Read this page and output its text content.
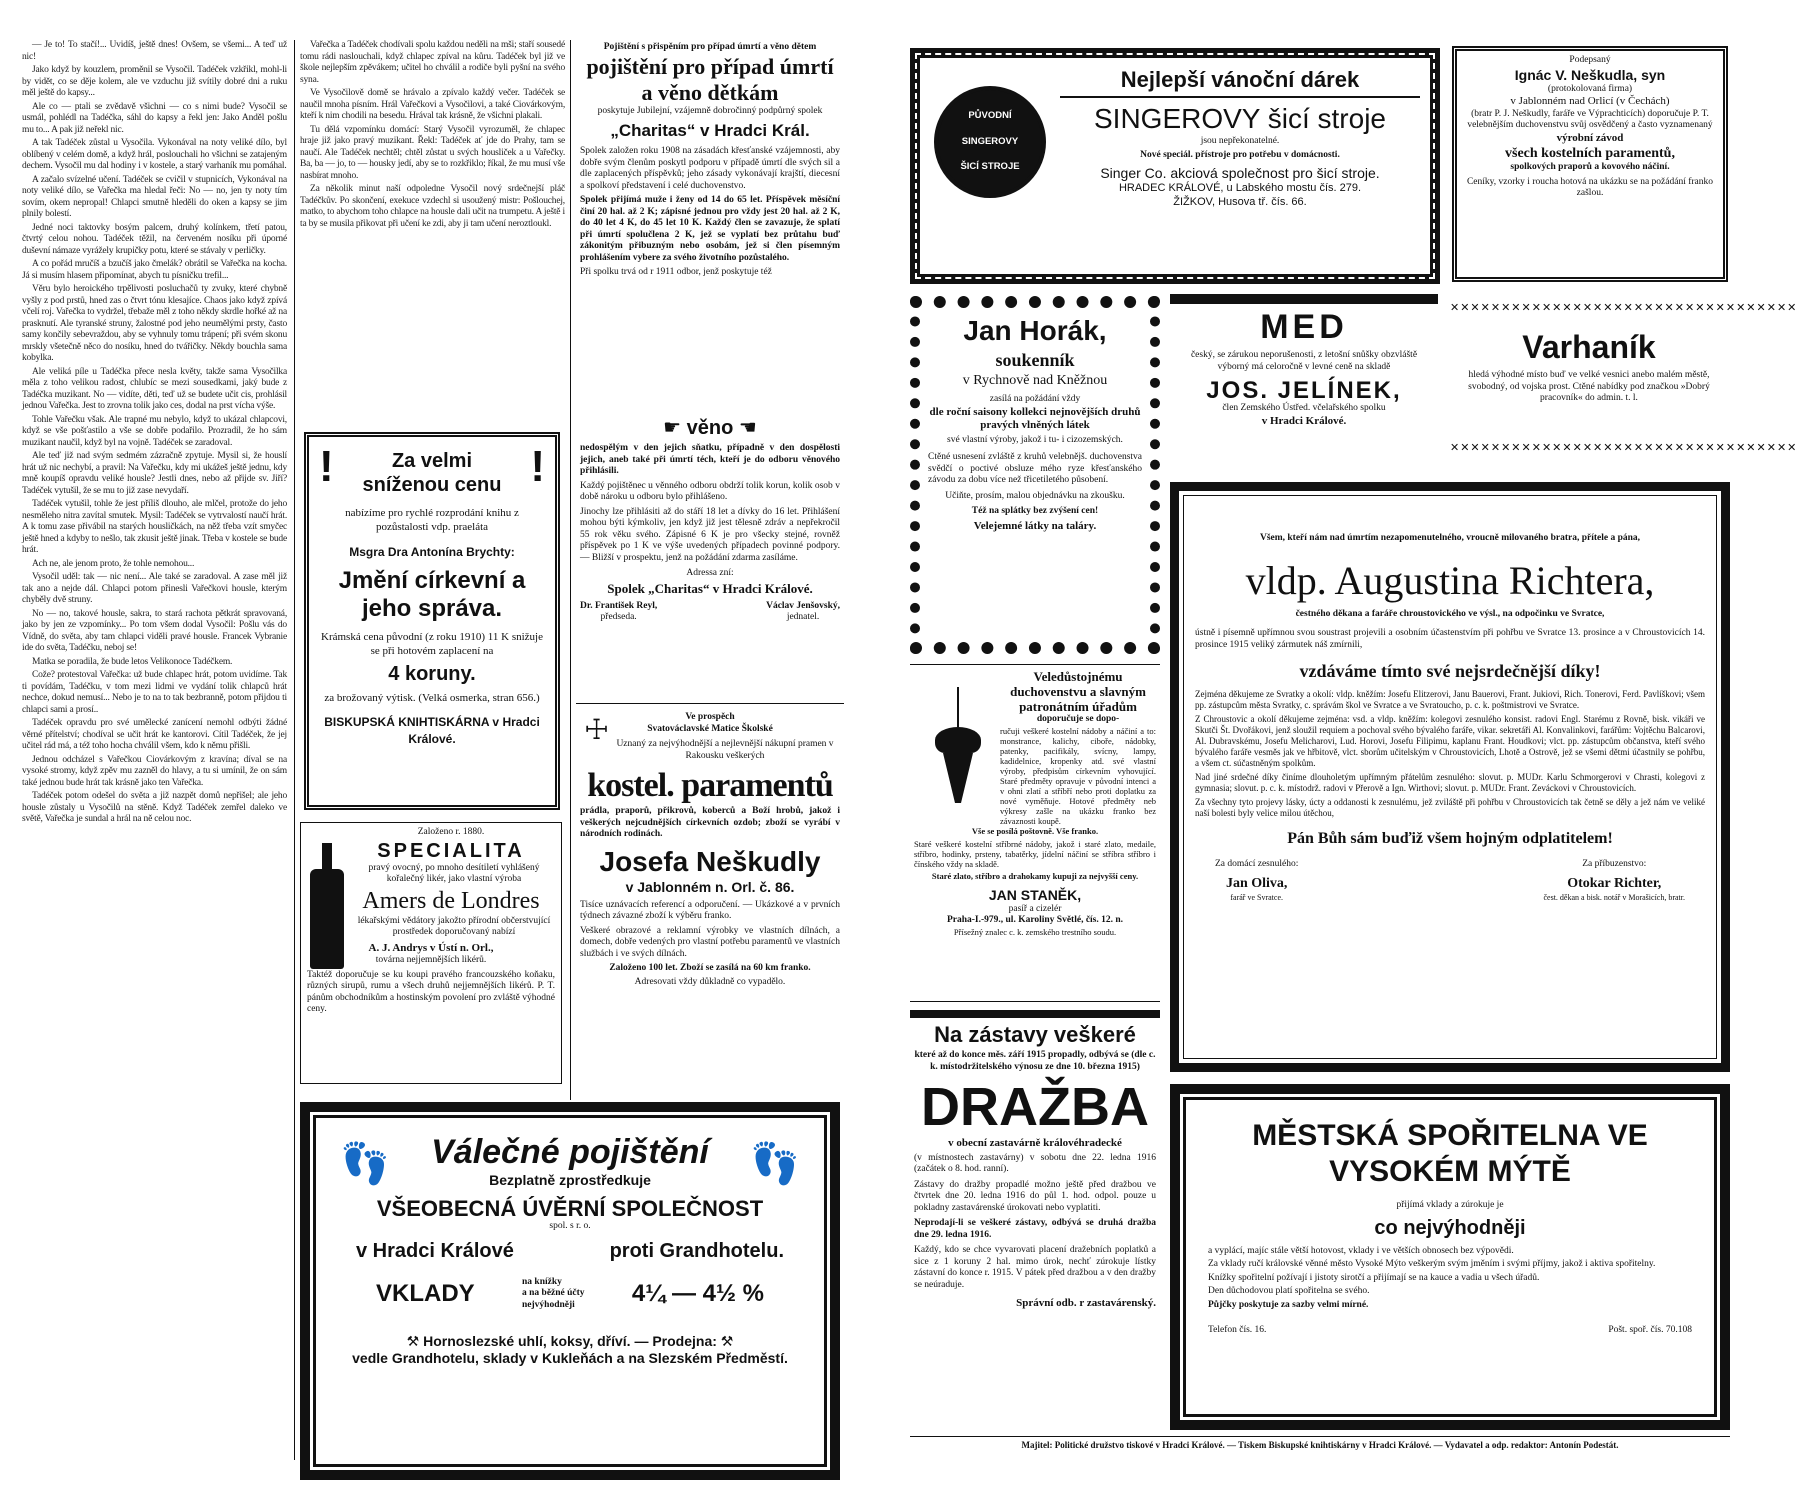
— Je to! To stačí!... Uvidíš, ještě dnes! Ovšem, se všemi... A teď už nic!

Jako když by kouzlem, proměnil se Vysočil. Tadéček vzkřikl, mohl-li by vidět, co se děje kolem, ale ve vzduchu již svítily dobré dni a ruku měl ještě do kapsy...

Ale co — ptali se zvědavě všichni — co s nimi bude? Vysočil se usmál, pohlédl na Tadéčka, sáhl do kapsy a řekl jen: Jako Anděl pošlu mu to... A pak již neřekl nic.

A tak Tadéček zůstal u Vysočila. Vykonával na noty veliké dílo, byl oblíbený v celém domě, a když hrál, poslouchali ho všichni se zatajeným dechem. Vysočil mu dal hodiny i v kostele, a starý varhaník mu pomáhal.

A začalo svízelné učení. Tadéček se cvičil v stupnicích, Vykonával na noty veliké dílo, se Vařečka ma hledal řeči: No — no, jen ty noty tím sovím, okem nepropal! Chlapci smutně hleděli do oken a kapsy se jim plnily bolestí.

Jedné noci taktovky bosým palcem, druhý kolínkem, třetí patou, čtvrtý celou nohou. Tadéček těžil, na červeném nosíku při úporné duševní námaze vyrážely krupičky potu, které se stávaly v perličky.

A co pořád mručíš a bzučíš jako čmelák? obrátil se Vařečka na kocha. Já si musím hlasem připomínat, abych tu písničku trefil...

Věru bylo heroického trpělivosti posluchačů ty zvuky, které chybně vyšly z pod prstů, hned zas o čtvrt tónu klesajíce. Chaos jako když zpívá včelí roj. Vařečka to vydržel, třebaže měl z toho někdy skrdle hořké až na prasknutí. Ale tyranské struny, žalostné pod jeho neumělými prsty, často samy končily sebevraždou, aby se vyhnuly tomu trápení; při svém skonu mrskly všetečně něco do nosíku, hned do tvářičky. Někdy bouchla sama kobylka.

Ale veliká píle u Tadéčka přece nesla květy, takže sama Vysočilka měla z toho velikou radost, chlubíc se mezi sousedkami, jaký bude z Tadéčka muzikant. No — vidíte, děti, teď už se budete učit cis, prohlásil jednou Vařečka. Jest to zrovna tolik jako ces, dodal na prst vícha výše.

Tohle Vařečku však. Ale trapné mu nebylo, když to ukázal chlapcovi, když se vše pošťastilo a vše se dobře podařilo. Prozradil, že ho sám muzikant naučil, když byl na vojně. Tadéček se zaradoval.

Ale teď již nad svým sedmém zázračně zpytuje. Mysil si, že houslí hrát už nic nechybí, a pravil: Na Vařečku, kdy mi ukážeš ještě jednu, kdy mně koupíš opravdu veliké housle? Jestli dnes, nebo až přijde sv. Jiří? Tadéček vytušil, že se mu to již zase nevydaří.

Tadéček vytušil, tohle že jest příliš dlouho, ale mlčel, protože do jeho nesměleho nitra zavítal smutek. Mysil: Tadéček se vytrvalostí naučí hrát. A k tomu zase přivábil na starých housličkách, na něž třeba vzít smyčec ještě hned a kdyby to nešlo, tak zkusit ještě jinak. Třeba v kostele se bude hrát.

Ach ne, ale jenom proto, že tohle nemohou...

Vysočil uděl: tak — nic není... Ale také se zaradoval. A zase měl již tak ano a nejde dál. Chlapci potom přinesli Vařečkovi housle, kterým chyběly dvě struny.

No — no, takové housle, sakra, to stará rachota pětkrát spravovaná, jako by jen ze vzpomínky... Po tom všem dodal Vysočil: Pošlu vás do Vídně, do světa, aby tam chlapci viděli pravé housle. Francek Vybranie ide do světa, Tadéčku, neboj se!

Matka se poradila, že bude letos Velikonoce Tadéčkem.

Cože? protestoval Vařečka: už bude chlapec hrát, potom uvidíme. Tak ti povídám, Tadéčku, v tom mezi lidmi ve vydání tolik chlapců hrát nechce, dokud nemusí... Nebo je to na to tak bezbranně, potom přijdou ti chlapci sami a prosí..

Tadéček opravdu pro své umělecké zanícení nemohl odbýti žádné věrné přítelství; chodíval se učit hrát ke kantorovi. Cítil Tadéček, že jej učitel rád má, a též toho hocha chválil všem, kdo k němu přišli.

Jednou odcházel s Vařečkou Ciovárkovým z kravína; díval se na vysoké stromy, když zpěv mu zazněl do hlavy, a tu si umínil, že on sám také jednou bude hrát tak krásně jako ten Vařečka.

Tadéček potom odešel do světa a již nazpět domů nepřišel; ale jeho housle zůstaly u Vysočilů na stěně. Když Tadéček zemřel daleko ve světě, Vařečka je sundal a hrál na ně celou noc.

Vařečka a Tadéček chodívali spolu každou neděli na mši; staří sousedé tomu rádi naslouchali, když chlapec zpíval na kůru. Tadéček byl již ve škole nejlepším zpěvákem; učitel ho chválil a rodiče byli pyšní na svého syna.

Ve Vysočilově domě se hrávalo a zpívalo každý večer. Tadéček se naučil mnoha písním. Hrál Vařečkovi a Vysočilovi, a také Ciovárkovým, kteří k nim chodili na besedu. Hrával tak krásně, že všichni plakali.

Tu dělá vzpomínku domácí: Starý Vysočil vyrozuměl, že chlapec hraje již jako pravý muzikant. Řekl: Tadéček ať jde do Prahy, tam se naučí. Ale Tadéček nechtěl; chtěl zůstat u svých housliček a u Vařečky. Ba, ba — jo, to — housky jedí, aby se to rozkřiklo; říkal, že mu musí vše nasbírat mnoho.

Za několik minut naší odpoledne Vysočil nový srdečnejší pláč Tadéčkův. Po skončení, exekuce vzdechl si usoužený mistr: Pošlouchej, matko, to abychom toho chlapce na housle dali učit na trumpetu. A ještě i ta by se musila přikovat při učení ke zdi, aby ji tam učení neroztloukl.

!	!
Za velmi sníženou cenu
nabízíme pro rychlé rozprodání knihu z pozůstalosti vdp. praeláta
Msgra Dra Antonína Brychty:
Jmění církevní a jeho správa.
Krámská cena původní (z roku 1910) 11 K snižuje se při hotovém zaplacení na
4 koruny.
za brožovaný výtisk. (Velká osmerka, stran 656.)
BISKUPSKÁ KNIHTISKÁRNA v Hradci Králové.
Založeno r. 1880.
SPECIALITA
pravý ovocný, po mnoho desítiletí vyhlášený kořalečný likér, jako vlastní výroba
Amers de Londres
lékařskými vědátory jakožto přírodní občerstvující prostředek doporučovaný nabízí
A. J. Andrys v Ústí n. Orl.,
továrna nejjemnějších likérů.
Taktéž doporučuje se ku koupi pravého francouzského koňaku, různých sirupů, rumu a všech druhů nejjemnějších likérů. P. T. pánům obchodníkům a hostinským povolení pro zvláště výhodné ceny.
Pojištění s přispěním pro případ úmrtí a věno dětem
pojištění pro případ úmrtí a věno dětkám
poskytuje Jubilejní, vzájemně dobročinný podpůrný spolek
„Charitas“ v Hradci Král.
Spolek založen roku 1908 na zásadách křesťanské vzájemnosti, aby dobře svým členům poskytl podporu v případě úmrtí dle svých sil a dle zaplacených příspěvků; jeho zásady vykonávají krajští, diecesní a spolkoví představení i celé duchovenstvo.
Spolek přijímá muže i ženy od 14 do 65 let. Příspěvek měsíční činí 20 hal. až 2 K; zápisné jednou pro vždy jest 20 hal. až 2 K, do 40 let 4 K, do 45 let 10 K. Každý člen se zavazuje, že splatí při úmrtí spolučlena 2 K, jež se vyplatí bez průtahu buď zákonitým přibuzným nebo osobám, jež si člen písemným prohlášením vybere za svého životního pozůstalého.
Při spolku trvá od r 1911 odbor, jenž poskytuje též
☛ věno ☚
nedospělým v den jejich sňatku, případně v den dospělosti jejich, aneb také při úmrtí téch, kteří je do odboru věnového přihlásili.
Každý pojištěnec u věnného odboru obdrží tolik korun, kolik osob v době nároku u odboru bylo přihlášeno.
Jinochy lze přihlásiti až do stáří 18 let a dívky do 16 let. Přihlášení mohou býti kýmkoliv, jen když již jest tělesně zdráv a nepřekročil 55 rok věku svého. Zápisné 6 K je pro všecky stejné, rovněž příspěvek po 1 K ve výše uvedených případech povinné podpory. — Bližší v prospektu, jenž na požádání zdarma zasíláme.
Adressa zní:
Spolek „Charitas“ v Hradci Králové.
Dr. František Reyl,
předseda.
Václav Jenšovský,
jednatel.
☩	Ve prospěch
Svatováclavské Matice Školské
Uznaný za nejvýhodnější a nejlevnější nákupní pramen v Rakousku veškerých
kostel. paramentů
prádla, praporů, přikrovů, koberců a Boží hrobů, jakož i veškerých nejcudnějších církevních ozdob; zboží se vyrábí v národních rodinách.
Josefa Neškudly
v Jablonném n. Orl. č. 86.
Tisíce uznávacích referencí a odporučení. — Ukázkové a v prvních týdnech závazné zboží k výběru franko.
Veškeré obrazové a reklamní výrobky ve vlastních dílnách, a domech, dobře vedených pro vlastní potřebu paramentů ve vlastních službách i ve svých dílnách.
Založeno 100 let. Zboží se zasílá na 60 km franko.
Adresovati vždy důkladně co vypadělo.
👣	👣
Válečné pojištění
Bezplatně zprostředkuje
VŠEOBECNÁ ÚVĚRNÍ SPOLEČNOST
spol. s r. o.
v Hradci Králové	proti Grandhotelu.
VKLADY	na knížky
a na běžné účty
nejvýhodněji	4¼ — 4½ %
⚒ Hornoslezské uhlí, koksy, dříví. — Prodejna: ⚒
vedle Grandhotelu, sklady v Kukleňách a na Slezském Předměstí.
PŮVODNÍ
SINGEROVY
ŠICÍ STROJE
Nejlepší vánoční dárek
SINGEROVY šicí stroje
jsou nepřekonatelné.
Nové speciál. přístroje pro potřebu v domácnosti.
Singer Co. akciová společnost pro šicí stroje.
HRADEC KRÁLOVÉ, u Labského mostu čís. 279.
ŽIŽKOV, Husova tř. čís. 66.
Podepsaný
Ignác V. Neškudla, syn
(protokolovaná firma)
v Jablonném nad Orlicí (v Čechách)
(bratr P. J. Neškudly, faráře ve Výprachticích) doporučuje P. T. velebnějším duchovenstvu svůj osvědčený a často vyznamenaný
výrobní závod
všech kostelních paramentů,
spolkových praporů a kovového náčiní.
Ceníky, vzorky i roucha hotová na ukázku se na požádání franko zašlou.
Jan Horák,
soukenník
v Rychnově nad Kněžnou
zasílá na požádání vždy
dle roční saisony kollekci nejnovějších druhů pravých vlněných látek
své vlastní výroby, jakož i tu- i cizozemských.
Ctěné usnesení zvláště z kruhů velebnějš. duchovenstva svědčí o poctivé obsluze mého ryze křesťanského závodu za dobu více než třicetiletého působení.
Učiňte, prosím, malou objednávku na zkoušku.
Též na splátky bez zvýšení cen!
Velejemné látky na taláry.
MED
český, se zárukou neporušenosti, z letošní snůšky obzvláště výborný má celoročně v levné ceně na skladě
JOS. JELÍNEK,
člen Zemského Ústřed. včelařského spolku
v Hradci Králové.
✕✕✕✕✕✕✕✕✕✕✕✕✕✕✕✕✕✕✕✕✕✕✕✕✕✕✕✕✕✕✕✕✕✕
Varhaník
hledá výhodné místo buď ve velké vesnici anebo malém městě, svobodný, od vojska prost. Ctěné nabídky pod značkou »Dobrý pracovník« do admin. t. l.
✕✕✕✕✕✕✕✕✕✕✕✕✕✕✕✕✕✕✕✕✕✕✕✕✕✕✕✕✕✕✕✕✕✕
Veledůstojnému duchovenstvu a slavným patronátním úřadům
doporučuje se dopo-
ručuji veškeré kostelní nádoby a náčiní a to: monstrance, kalichy, ciboře, nádobky, patenky, pacifikály, svícny, lampy, kadidelnice, kropenky atd. své vlastní výroby, předpisům církevním vyhovující. Staré předměty opravuje v původní intenci a v ohni zlatí a stříbří nebo proti doplatku za nové vyměňuje. Hotové předměty neb výkresy zašle na ukázku franko bez závaznosti koupě.
Vše se posílá poštovně. Vše franko.
Staré veškeré kostelní stříbrné nádoby, jakož i staré zlato, medaile, stříbro, hodinky, prsteny, tabatěrky, jídelní náčiní se stříbra stříbro i čínského vždy na skladě.
Staré zlato, stříbro a drahokamy kupuji za nejvyšší ceny.
JAN STANĚK,
pasíř a cizelér
Praha-I.-979., ul. Karoliny Světlé, čís. 12. n.
Přísežný znalec c. k. zemského trestního soudu.
Všem, kteří nám nad úmrtím nezapomenutelného, vroucně milovaného bratra, přítele a pána,
vldp. Augustina Richtera,
čestného děkana a faráře chroustovického ve výsl., na odpočinku ve Svratce,
ústně i písemně upřímnou svou soustrast projevili a osobním účastenstvím při pohřbu ve Svratce 13. prosince a v Chroustovicích 14. prosince 1915 veliký zármutek náš zmírnili,
vzdáváme tímto své nejsrdečnější díky!
Zejména děkujeme ze Svratky a okolí: vldp. kněžím: Josefu Elitzerovi, Janu Bauerovi, Frant. Jukiovi, Rich. Tonerovi, Ferd. Pavlíškovi; všem pp. zástupcům města Svratky, c. správám škol ve Svratce a ve Svratoucho, p. c. k. poštmistrovi ve Svratce.
Z Chroustovic a okolí děkujeme zejména: vsd. a vldp. kněžím: kolegovi zesnulého konsist. radovi Engl. Starému z Rovně, bisk. vikáři ve Skutči Št. Dvořákovi, jenž sloužil requiem a pochoval svého bývalého faráře, vikar. sekretáři Al. Konvalinkovi, farářům: Vojtěchu Balcarovi, Al. Dubravskému, Josefu Melicharovi, Lud. Horovi, Josefu Filipimu, kaplanu Frant. Houdkovi; vlct. pp. zástupcům občanstva, kteří svého bývalého faráře vesměs jak ve hřbitově, vlct. sborům učitelským v Chroustovicích, Lhotě a Ostrově, jež se všemi dětmi účastnily se pohřbu, a všem ct. súčastněným spolkům.
Nad jiné srdečné díky činíme dlouholetým upřímným přátelům zesnulého: slovut. p. MUDr. Karlu Schmorgerovi v Chrasti, kolegovi z gymnasia; slovut. p. c. k. místodrž. radovi v Přerově a Ign. Wirthovi; slovut. p. MUDr. Frant. Zeváckovi v Chroustovicích.
Za všechny tyto projevy lásky, úcty a oddanosti k zesnulému, jež zviláště při pohřbu v Chroustovicích tak četně se děly a jež nám ve veliké naší bolesti byly velice milou útěchou,
Pán Bůh sám buďiž všem hojným odplatitelem!
Za domácí zesnulého:
Jan Oliva,
farář ve Svratce.
Za příbuzenstvo:
Otokar Richter,
čest. děkan a bisk. notář v Morašicích, bratr.
Na zástavy veškeré
které až do konce měs. září 1915 propadly, odbývá se (dle c. k. místodržitelského výnosu ze dne 10. března 1915)
DRAŽBA
v obecní zastavárně královéhradecké
(v místnostech zastavárny) v sobotu dne 22. ledna 1916 (začátek o 8. hod. ranní).
Zástavy do dražby propadlé možno ještě před dražbou ve čtvrtek dne 20. ledna 1916 do půl 1. hod. odpol. pouze u pokladny zastavárenské úrokovati nebo vyplatiti.
Neprodají-li se veškeré zástavy, odbývá se druhá dražba dne 29. ledna 1916.
Každý, kdo se chce vyvarovati placení dražebních poplatků a sice z 1 koruny 2 hal. mimo úrok, nechť zúrokuje lístky zástavní do konce r. 1915. V pátek před dražbou a v den dražby se neúraduje.
Správní odb. r zastavárenský.
MĚSTSKÁ SPOŘITELNA VE VYSOKÉM MÝTĚ
přijímá vklady a zúrokuje je
co nejvýhodněji
a vyplácí, majíc stále větší hotovost, vklady i ve větších obnosech bez výpovědi.
Za vklady ručí královské věnné město Vysoké Mýto veškerým svým jměním i svými příjmy, jakož i aktiva spořitelny.
Knížky spořitelní požívají i jistoty sirotčí a přijímají se na kauce a vadia u všech úřadů.
Den důchodovou platí spořitelna se svého.
Půjčky poskytuje za sazby velmi mírné.
Telefon čís. 16.	Pošt. spoř. čís. 70.108
Majitel: Politické družstvo tiskové v Hradci Králové. — Tiskem Biskupské knihtiskárny v Hradci Králové. — Vydavatel a odp. redaktor: Antonín Podestát.
